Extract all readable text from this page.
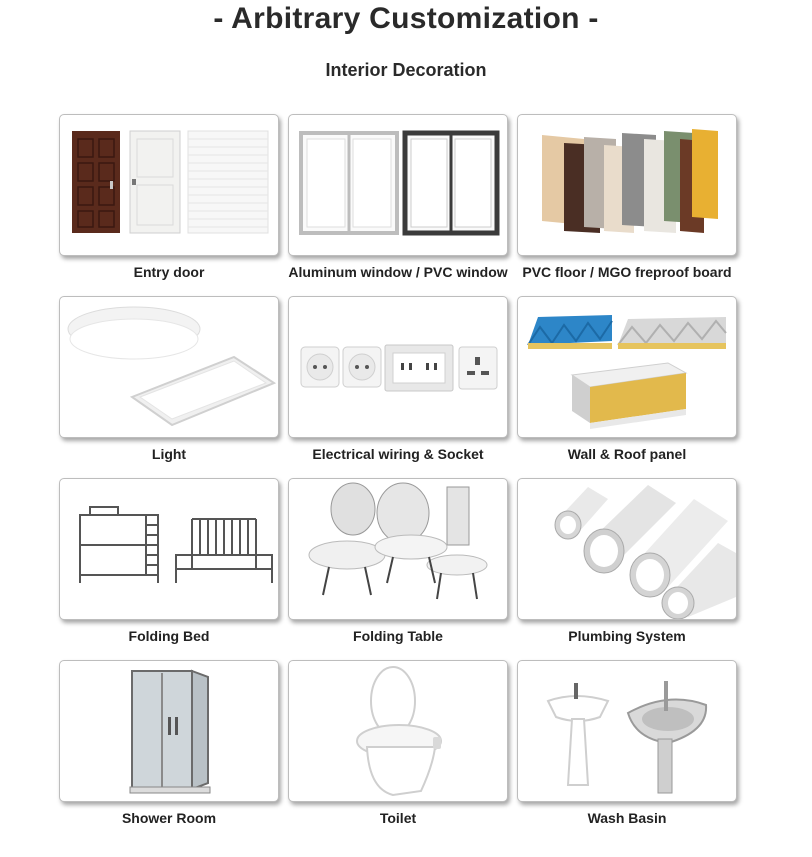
- Arbitrary Customization -
Interior Decoration
Entry door	Aluminum window / PVC window	PVC floor / MGO freproof board
Light	Electrical wiring & Socket	Wall & Roof panel
Folding Bed	Folding Table	Plumbing System
Shower Room	Toilet	Wash Basin
